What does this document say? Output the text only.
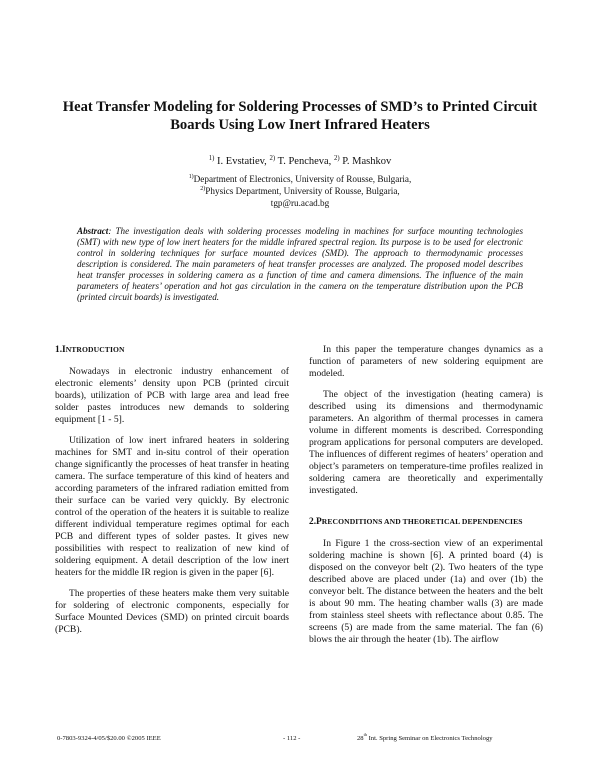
Heat Transfer Modeling for Soldering Processes of SMD’s to Printed Circuit Boards Using Low Inert Infrared Heaters
$^{1)}$ I. Evstatiev, $^{2)}$ T. Pencheva, $^{2)}$ P. Mashkov
$^{1)}$Department of Electronics, University of Rousse, Bulgaria,
$^{2)}$Physics Department, University of Rousse, Bulgaria,
tgp@ru.acad.bg
Abstract: The investigation deals with soldering processes modeling in machines for surface mounting technologies (SMT) with new type of low inert heaters for the middle infrared spectral region. Its purpose is to be used for electronic control in soldering techniques for surface mounted devices (SMD). The approach to thermodynamic processes description is considered. The main parameters of heat transfer processes are analyzed. The proposed model describes heat transfer processes in soldering camera as a function of time and camera dimensions. The influence of the main parameters of heaters’ operation and hot gas circulation in the camera on the temperature distribution upon the PCB (printed circuit boards) is investigated.
1.INTRODUCTION

Nowadays in electronic industry enhancement of electronic elements’ density upon PCB (printed circuit boards), utilization of PCB with large area and lead free solder pastes introduces new demands to soldering equipment [1 - 5].

Utilization of low inert infrared heaters in soldering machines for SMT and in-situ control of their operation change significantly the processes of heat transfer in heating camera. The surface temperature of this kind of heaters and according parameters of the infrared radiation emitted from their surface can be varied very quickly. By electronic control of the operation of the heaters it is suitable to realize different individual temperature regimes optimal for each PCB and different types of solder pastes. It gives new possibilities with respect to realization of new kind of soldering equipment. A detail description of the low inert heaters for the middle IR region is given in the paper [6].

The properties of these heaters make them very suitable for soldering of electronic components, especially for Surface Mounted Devices (SMD) on printed circuit boards (PCB).

In this paper the temperature changes dynamics as a function of parameters of new soldering equipment are modeled.

The object of the investigation (heating camera) is described using its dimensions and thermodynamic parameters. An algorithm of thermal processes in camera volume in different moments is described. Corresponding program applications for personal computers are developed. The influences of different regimes of heaters’ operation and object’s parameters on temperature-time profiles realized in soldering camera are theoretically and experimentally investigated.

2.PRECONDITIONS AND THEORETICAL DEPENDENCIES

In Figure 1 the cross-section view of an experimental soldering machine is shown [6]. A printed board (4) is disposed on the conveyor belt (2). Two heaters of the type described above are placed under (1a) and over (1b) the conveyor belt. The distance between the heaters and the belt is about 90 mm. The heating chamber walls (3) are made from stainless steel sheets with reflectance about 0.85. The screens (5) are made from the same material. The fan (6) blows the air through the heater (1b). The airflow

0-7803-9324-4/05/$20.00 ©2005 IEEE	- 112 -	28th Int. Spring Seminar on Electronics Technology
